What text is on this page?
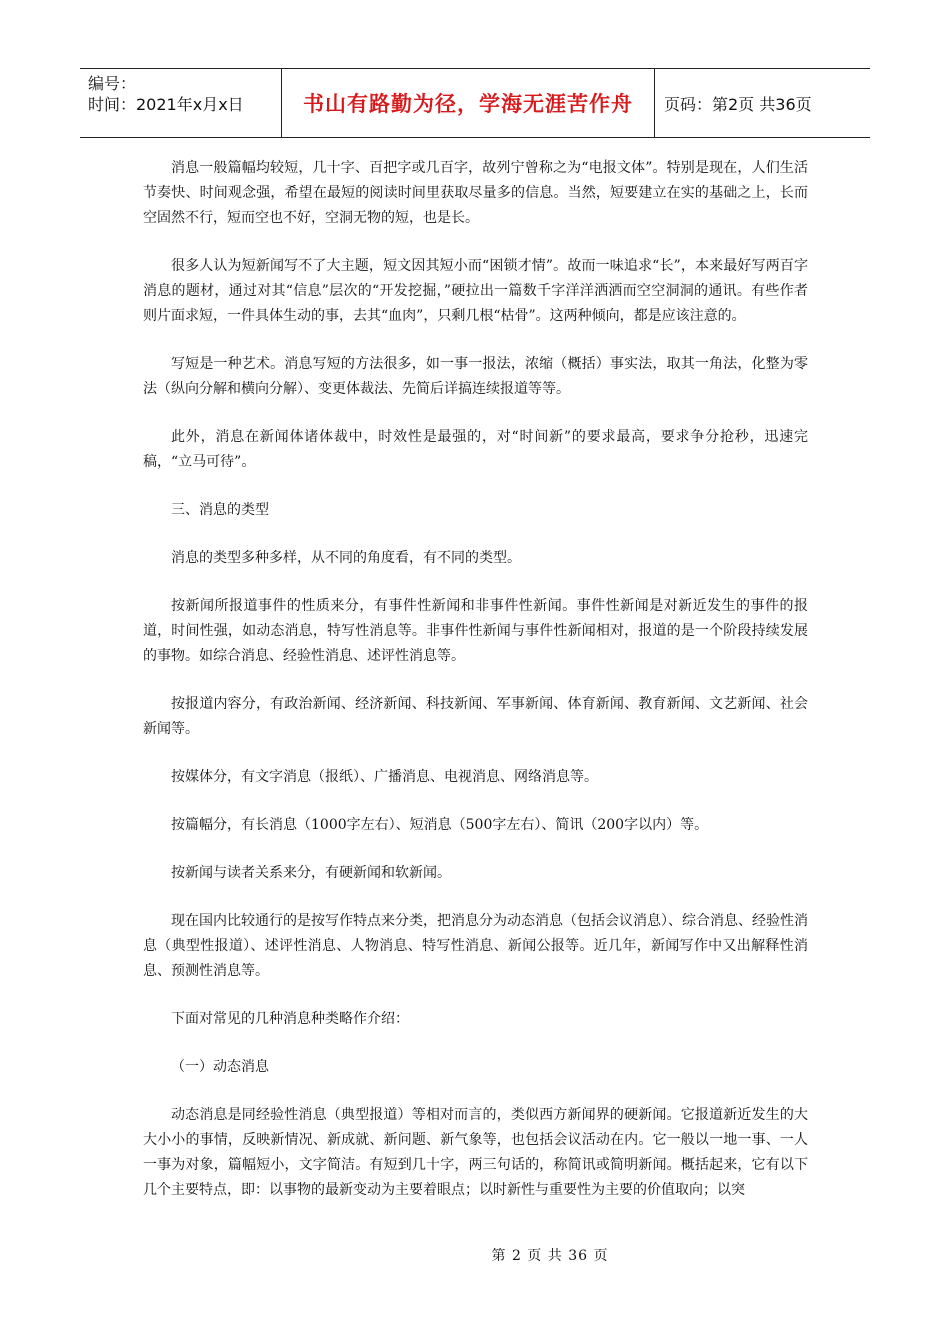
编号：
时间：2021年x月x日	书山有路勤为径，学海无涯苦作舟 页码：第2页 共36页

消息一般篇幅均较短，几十字、百把字或几百字，故列宁曾称之为“电报文体”。特别是现在，人们生活节奏快、时间观念强，希望在最短的阅读时间里获取尽量多的信息。当然，短要建立在实的基础之上，长而空固然不行，短而空也不好，空洞无物的短，也是长。

很多人认为短新闻写不了大主题，短文因其短小而“困锁才情”。故而一味追求“长”，本来最好写两百字消息的题材，通过对其“信息”层次的“开发挖掘，”硬拉出一篇数千字洋洋洒洒而空空洞洞的通讯。有些作者则片面求短，一件具体生动的事，去其“血肉”，只剩几根“枯骨”。这两种倾向，都是应该注意的。

写短是一种艺术。消息写短的方法很多，如一事一报法，浓缩（概括）事实法，取其一角法，化整为零法（纵向分解和横向分解）、变更体裁法、先简后详搞连续报道等等。

此外，消息在新闻体诸体裁中，时效性是最强的，对“时间新”的要求最高，要求争分抢秒，迅速完稿，“立马可待”。

三、消息的类型

消息的类型多种多样，从不同的角度看，有不同的类型。

按新闻所报道事件的性质来分，有事件性新闻和非事件性新闻。事件性新闻是对新近发生的事件的报道，时间性强，如动态消息，特写性消息等。非事件性新闻与事件性新闻相对，报道的是一个阶段持续发展的事物。如综合消息、经验性消息、述评性消息等。

按报道内容分，有政治新闻、经济新闻、科技新闻、军事新闻、体育新闻、教育新闻、文艺新闻、社会新闻等。

按媒体分，有文字消息（报纸）、广播消息、电视消息、网络消息等。

按篇幅分，有长消息（1000字左右）、短消息（500字左右）、简讯（200字以内）等。

按新闻与读者关系来分，有硬新闻和软新闻。

现在国内比较通行的是按写作特点来分类，把消息分为动态消息（包括会议消息）、综合消息、经验性消息（典型性报道）、述评性消息、人物消息、特写性消息、新闻公报等。近几年，新闻写作中又出解释性消息、预测性消息等。

下面对常见的几种消息种类略作介绍：

（一）动态消息

动态消息是同经验性消息（典型报道）等相对而言的，类似西方新闻界的硬新闻。它报道新近发生的大大小小的事情，反映新情况、新成就、新问题、新气象等，也包括会议活动在内。它一般以一地一事、一人一事为对象，篇幅短小，文字简洁。有短到几十字，两三句话的，称简讯或简明新闻。概括起来，它有以下几个主要特点，即：以事物的最新变动为主要着眼点；以时新性与重要性为主要的价值取向；以突

第 2 页 共 36 页
